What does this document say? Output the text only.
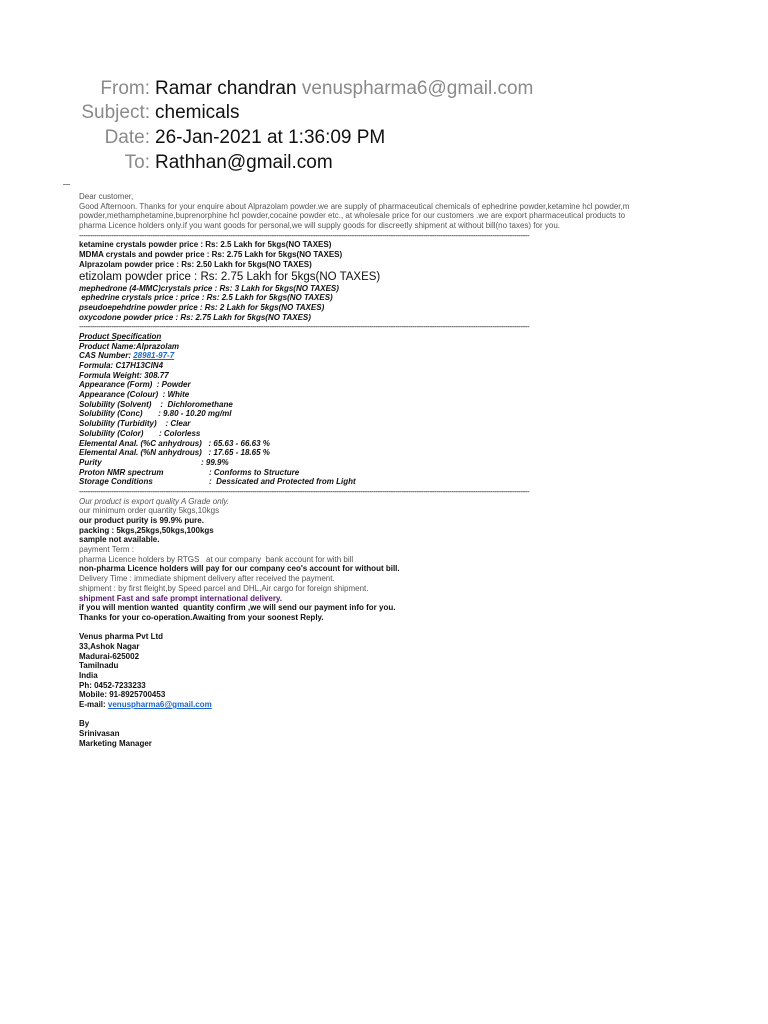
From: Ramar chandran venuspharma6@gmail.com
Subject: chemicals
Date: 26-Jan-2021 at 1:36:09 PM
To: Rathhan@gmail.com
Dear customer,
Good Afternoon. Thanks for your enquire about Alprazolam powder.we are supply of pharmaceutical chemicals of ephedrine powder,ketamine hcl powder,m
powder,methamphetamine,buprenorphine hcl powder,cocaine powder etc., at wholesale price for our customers .we are export pharmaceutical products to
pharma Licence holders only.if you want goods for personal,we will supply goods for discreetly shipment at without bill(no taxes) for you.
----------------------------------------------------------------------------------------------------------------------------------------------------------------------------------------------------------------
ketamine crystals powder price : Rs: 2.5 Lakh for 5kgs(NO TAXES)
MDMA crystals and powder price : Rs: 2.75 Lakh for 5kgs(NO TAXES)
Alprazolam powder price : Rs: 2.50 Lakh for 5kgs(NO TAXES)
etizolam powder price : Rs: 2.75 Lakh for 5kgs(NO TAXES)
mephedrone (4-MMC)crystals price : Rs: 3 Lakh for 5kgs(NO TAXES)
ephedrine crystals price : price : Rs: 2.5 Lakh for 5kgs(NO TAXES)
pseudoepehdrine powder price : Rs: 2 Lakh for 5kgs(NO TAXES)
oxycodone powder price : Rs: 2.75 Lakh for 5kgs(NO TAXES)
----------------------------------------------------------------------------------------------------------------------------------------------------------------------------------------------------------------
Product Specification
Product Name:Alprazolam
CAS Number: 28981-97-7
Formula: C17H13ClN4
Formula Weight: 308.77
Appearance (Form)  : Powder
Appearance (Colour)  : White
Solubility (Solvent)    :  Dichloromethane
Solubility (Conc)       : 9.80 - 10.20 mg/ml
Solubility (Turbidity)    : Clear
Solubility (Color)       : Colorless
Elemental Anal. (%C anhydrous)   : 65.63 - 66.63 %
Elemental Anal. (%N anhydrous)   : 17.65 - 18.65 %
Purity	: 99.9%
Proton NMR spectrum	: Conforms to Structure
Storage Conditions	:  Dessicated and Protected from Light
----------------------------------------------------------------------------------------------------------------------------------------------------------------------------------------------------------------
Our product is export quality A Grade only.
our minimum order quantity 5kgs,10kgs
our product purity is 99.9% pure.
packing : 5kgs,25kgs,50kgs,100kgs
sample not available.
payment Term :
pharma Licence holders by RTGS   at our company  bank account for with bill
non-pharma Licence holders will pay for our company ceo's account for without bill.
Delivery Time : immediate shipment delivery after received the payment.
shipment : by first fleight,by Speed parcel and DHL,Air cargo for foreign shipment.
shipment Fast and safe prompt international delivery.
if you will mention wanted  quantity confirm ,we will send our payment info for you.
Thanks for your co-operation.Awaiting from your soonest Reply.
Venus pharma Pvt Ltd
33,Ashok Nagar
Madurai-625002
Tamilnadu
India
Ph: 0452-7233233
Mobile: 91-8925700453
E-mail: venuspharma6@gmail.com
By
Srinivasan
Marketing Manager
